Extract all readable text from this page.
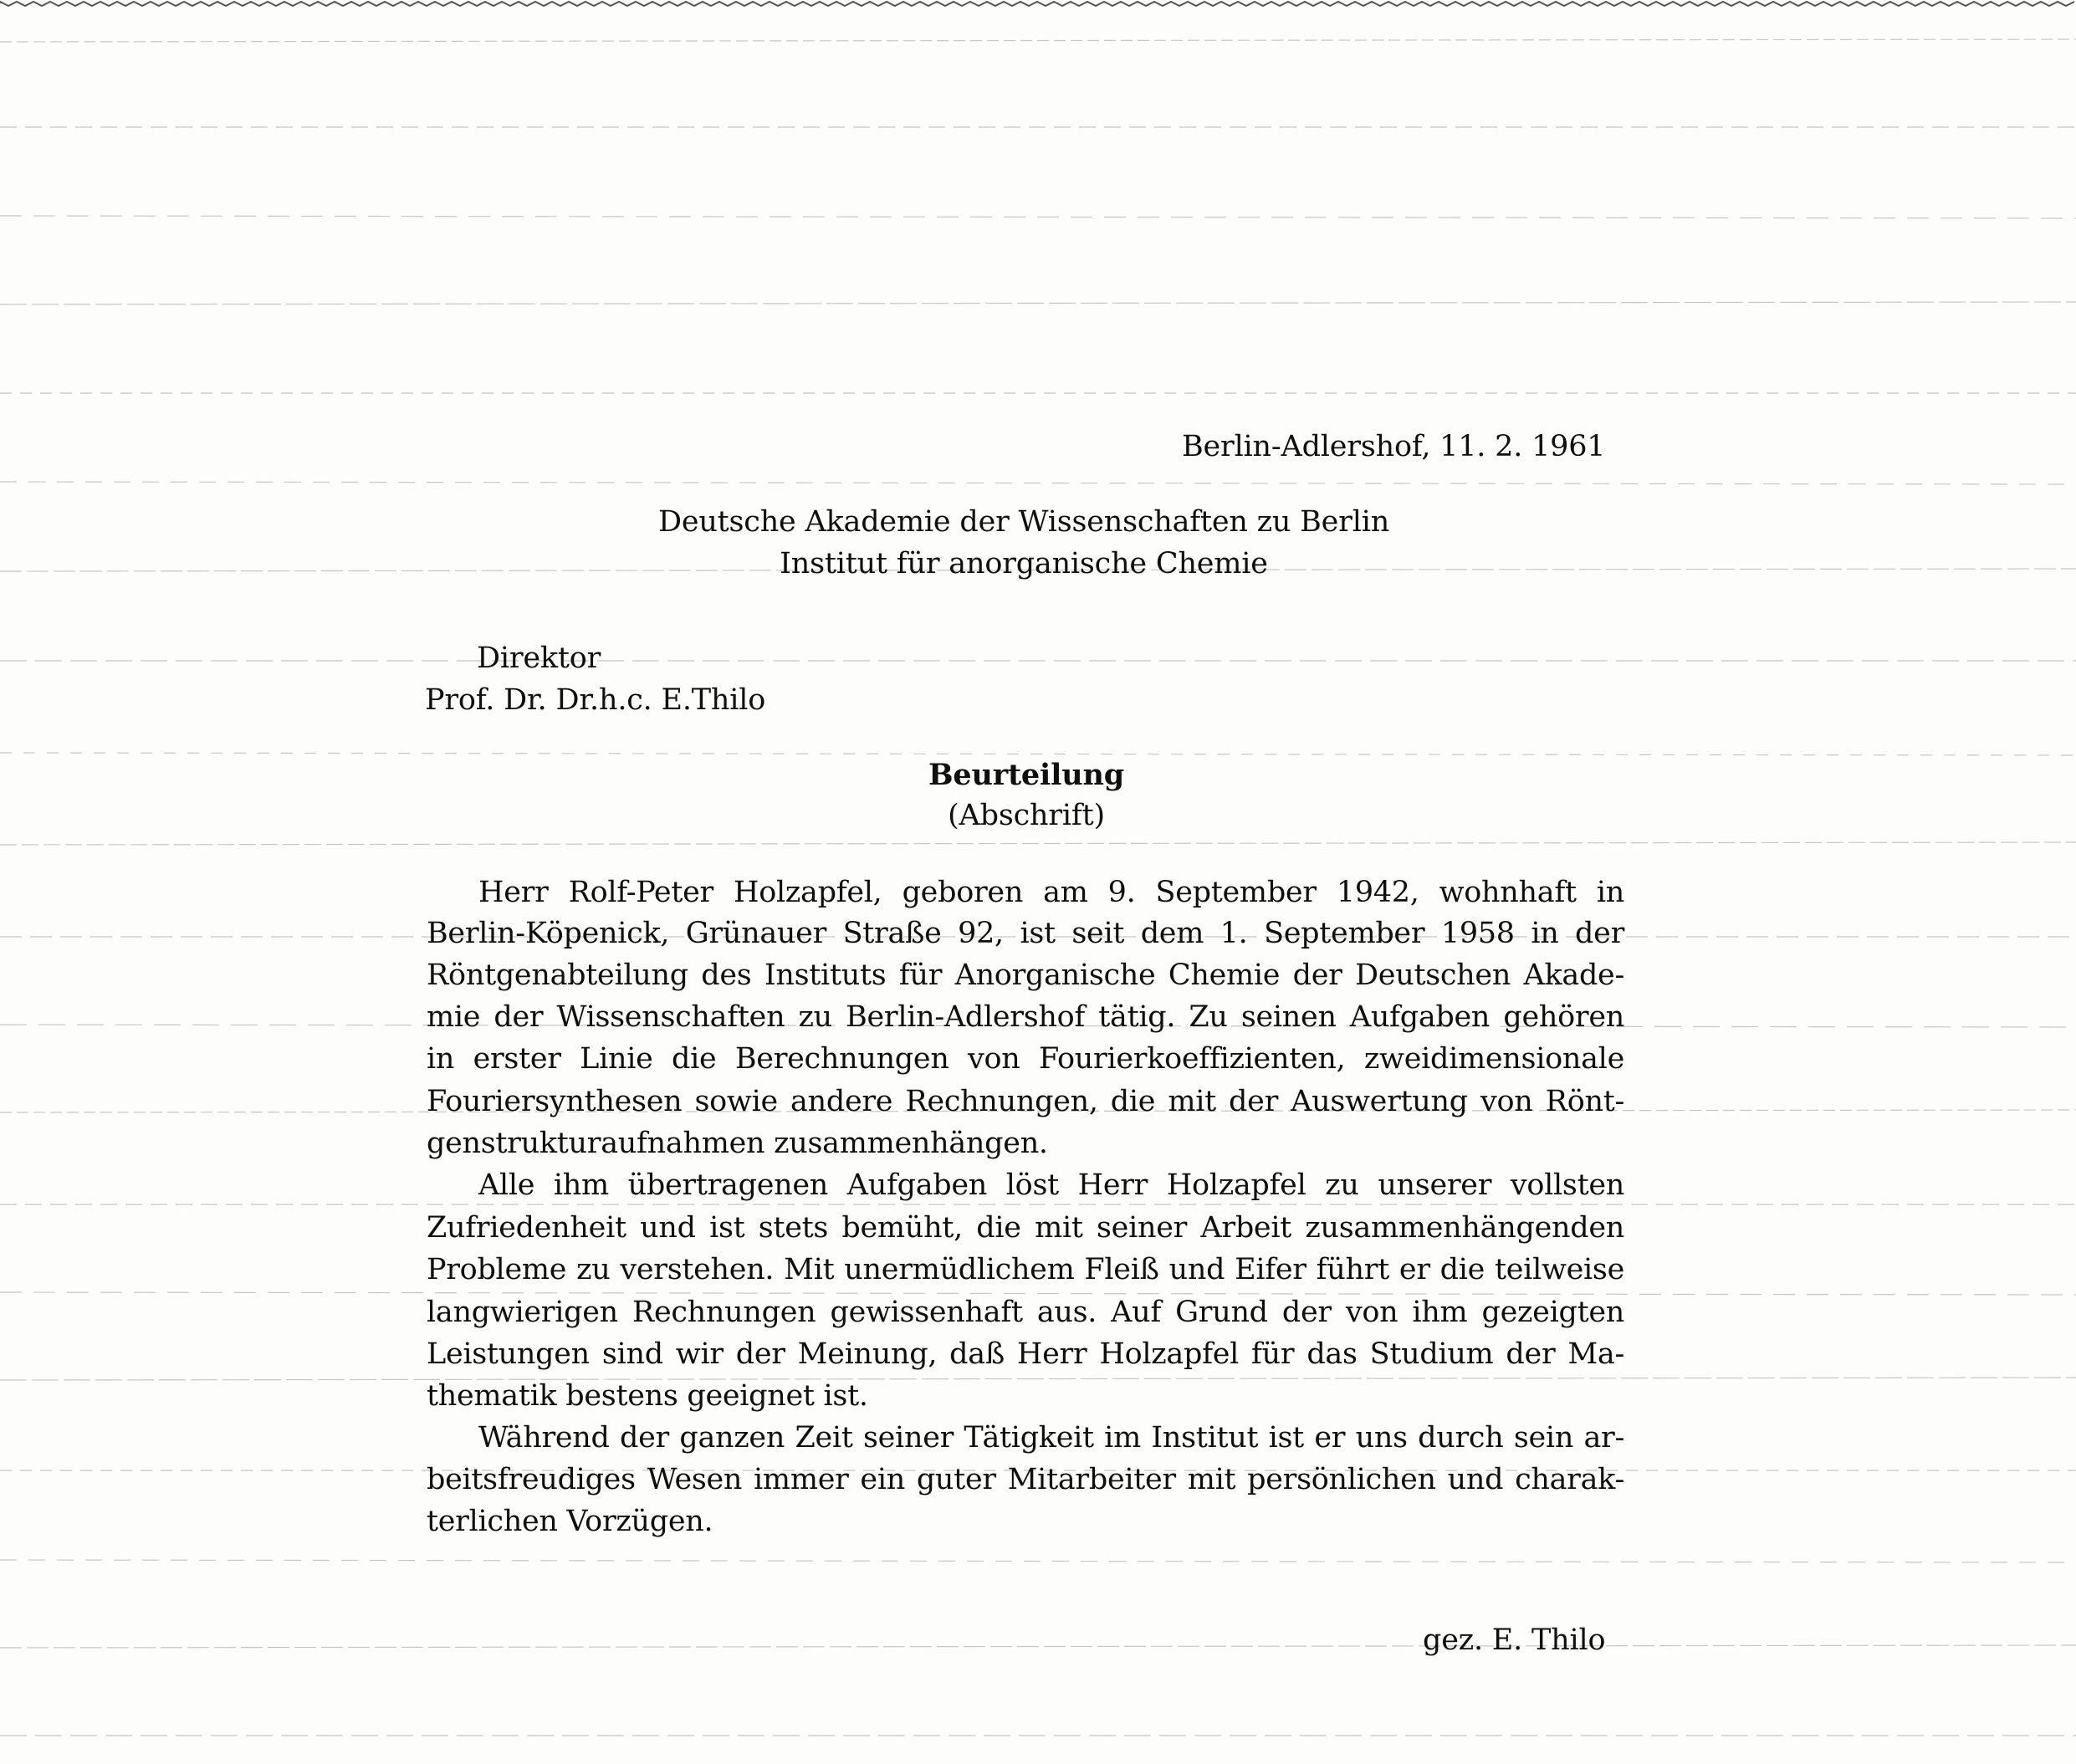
Berlin-Adlershof, 11. 2. 1961
Deutsche Akademie der Wissenschaften zu Berlin
Institut für anorganische Chemie
Direktor
Prof. Dr. Dr.h.c. E.Thilo
Beurteilung
(Abschrift)
Herr Rolf-Peter Holzapfel, geboren am 9. September 1942, wohnhaft in
Berlin-Köpenick, Grünauer Straße 92, ist seit dem 1. September 1958 in der
Röntgenabteilung des Instituts für Anorganische Chemie der Deutschen Akade-
mie der Wissenschaften zu Berlin-Adlershof tätig. Zu seinen Aufgaben gehören
in erster Linie die Berechnungen von Fourierkoeffizienten, zweidimensionale
Fouriersynthesen sowie andere Rechnungen, die mit der Auswertung von Rönt-
genstrukturaufnahmen zusammenhängen.
Alle ihm übertragenen Aufgaben löst Herr Holzapfel zu unserer vollsten
Zufriedenheit und ist stets bemüht, die mit seiner Arbeit zusammenhängenden
Probleme zu verstehen. Mit unermüdlichem Fleiß und Eifer führt er die teilweise
langwierigen Rechnungen gewissenhaft aus. Auf Grund der von ihm gezeigten
Leistungen sind wir der Meinung, daß Herr Holzapfel für das Studium der Ma-
thematik bestens geeignet ist.
Während der ganzen Zeit seiner Tätigkeit im Institut ist er uns durch sein ar-
beitsfreudiges Wesen immer ein guter Mitarbeiter mit persönlichen und charak-
terlichen Vorzügen.
gez. E. Thilo
